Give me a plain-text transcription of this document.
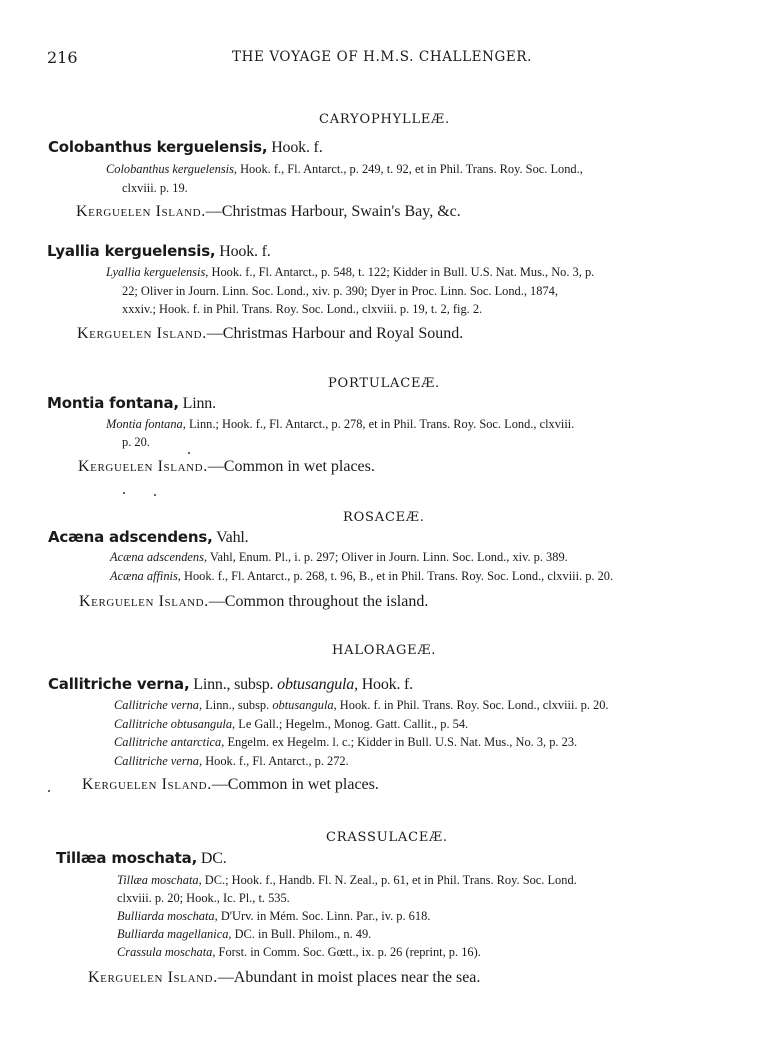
216	THE VOYAGE OF H.M.S. CHALLENGER.
CARYOPHYLLEÆ.
Colobanthus kerguelensis, Hook. f.
Colobanthus kerguelensis, Hook. f., Fl. Antarct., p. 249, t. 92, et in Phil. Trans. Roy. Soc. Lond.,
clxviii. p. 19.
Kerguelen Island.—Christmas Harbour, Swain's Bay, &c.
Lyallia kerguelensis, Hook. f.
Lyallia kerguelensis, Hook. f., Fl. Antarct., p. 548, t. 122; Kidder in Bull. U.S. Nat. Mus., No. 3, p.
22; Oliver in Journ. Linn. Soc. Lond., xiv. p. 390; Dyer in Proc. Linn. Soc. Lond., 1874,
xxxiv.; Hook. f. in Phil. Trans. Roy. Soc. Lond., clxviii. p. 19, t. 2, fig. 2.
Kerguelen Island.—Christmas Harbour and Royal Sound.
PORTULACEÆ.
Montia fontana, Linn.
Montia fontana, Linn.; Hook. f., Fl. Antarct., p. 278, et in Phil. Trans. Roy. Soc. Lond., clxviii.
p. 20.
Kerguelen Island.—Common in wet places.
ROSACEÆ.
Acæna adscendens, Vahl.
Acæna adscendens, Vahl, Enum. Pl., i. p. 297; Oliver in Journ. Linn. Soc. Lond., xiv. p. 389.
Acæna affinis, Hook. f., Fl. Antarct., p. 268, t. 96, B., et in Phil. Trans. Roy. Soc. Lond., clxviii. p. 20.
Kerguelen Island.—Common throughout the island.
HALORAGEÆ.
Callitriche verna, Linn., subsp. obtusangula, Hook. f.
Callitriche verna, Linn., subsp. obtusangula, Hook. f. in Phil. Trans. Roy. Soc. Lond., clxviii. p. 20.
Callitriche obtusangula, Le Gall.; Hegelm., Monog. Gatt. Callit., p. 54.
Callitriche antarctica, Engelm. ex Hegelm. l. c.; Kidder in Bull. U.S. Nat. Mus., No. 3, p. 23.
Callitriche verna, Hook. f., Fl. Antarct., p. 272.
Kerguelen Island.—Common in wet places.
CRASSULACEÆ.
Tillæa moschata, DC.
Tillæa moschata, DC.; Hook. f., Handb. Fl. N. Zeal., p. 61, et in Phil. Trans. Roy. Soc. Lond.
clxviii. p. 20; Hook., Ic. Pl., t. 535.
Bulliarda moschata, D'Urv. in Mém. Soc. Linn. Par., iv. p. 618.
Bulliarda magellanica, DC. in Bull. Philom., n. 49.
Crassula moschata, Forst. in Comm. Soc. Gœtt., ix. p. 26 (reprint, p. 16).
Kerguelen Island.—Abundant in moist places near the sea.
